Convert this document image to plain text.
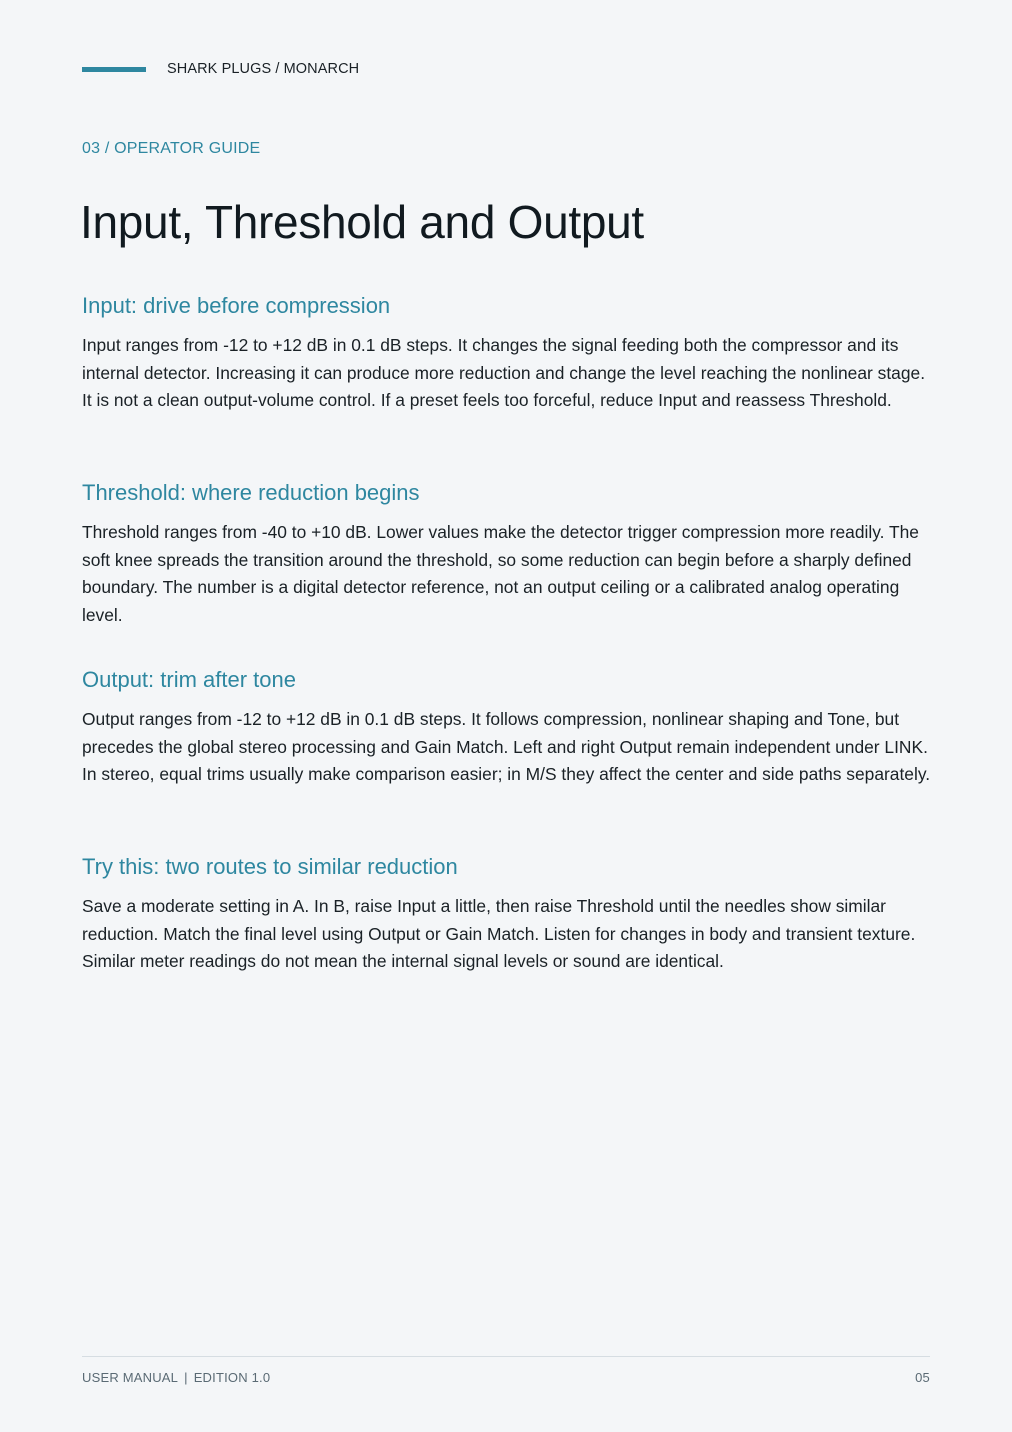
SHARK PLUGS / MONARCH
03 / OPERATOR GUIDE
Input, Threshold and Output
Input: drive before compression

Input ranges from -12 to +12 dB in 0.1 dB steps. It changes the signal feeding both the compressor and its internal detector. Increasing it can produce more reduction and change the level reaching the nonlinear stage. It is not a clean output-volume control. If a preset feels too forceful, reduce Input and reassess Threshold.

Threshold: where reduction begins

Threshold ranges from -40 to +10 dB. Lower values make the detector trigger compression more readily. The soft knee spreads the transition around the threshold, so some reduction can begin before a sharply defined boundary. The number is a digital detector reference, not an output ceiling or a calibrated analog operating level.

Output: trim after tone

Output ranges from -12 to +12 dB in 0.1 dB steps. It follows compression, nonlinear shaping and Tone, but precedes the global stereo processing and Gain Match. Left and right Output remain independent under LINK. In stereo, equal trims usually make comparison easier; in M/S they affect the center and side paths separately.

Try this: two routes to similar reduction

Save a moderate setting in A. In B, raise Input a little, then raise Threshold until the needles show similar reduction. Match the final level using Output or Gain Match. Listen for changes in body and transient texture. Similar meter readings do not mean the internal signal levels or sound are identical.

USER MANUAL | EDITION 1.0	05
